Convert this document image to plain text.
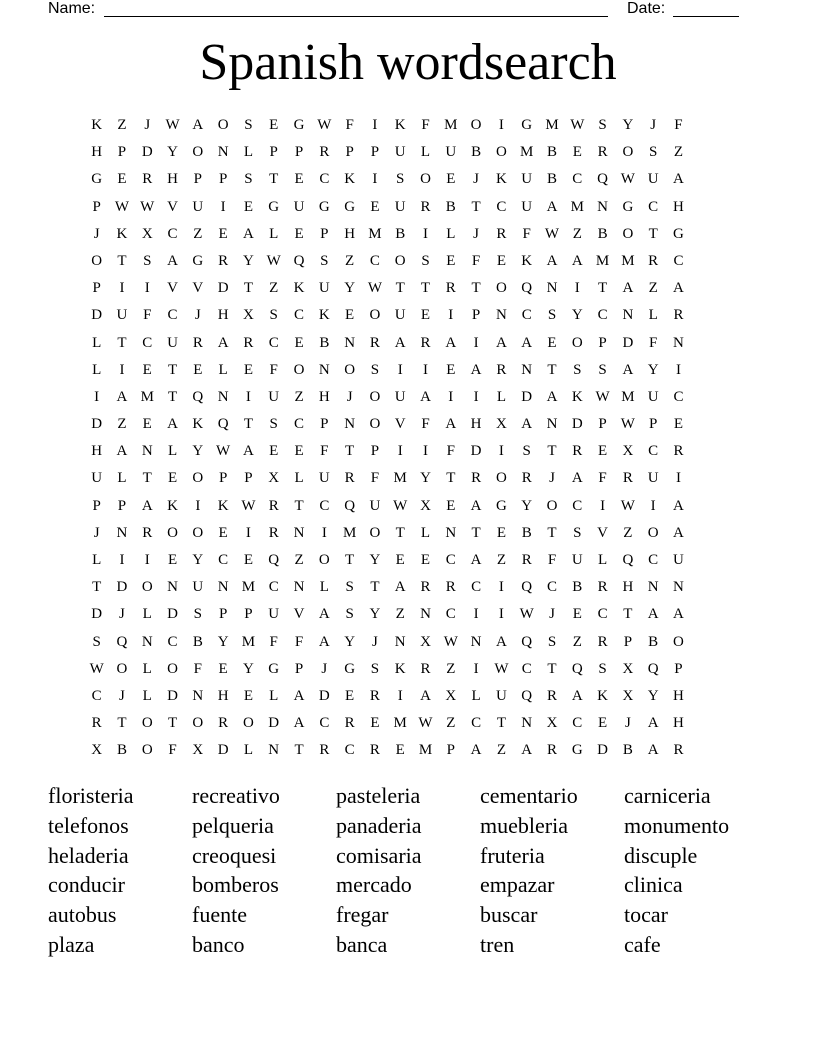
Name:	Date:
Spanish wordsearch
K Z J W A O S E G W F I K F M O I G M W S Y J F
H P D Y O N L P P R P P U L U B O M B E R O S Z
G E R H P P S T E C K I S O E J K U B C Q W U A
P W W V U I E G U G G E U R B T C U A M N G C H
J K X C Z E A L E P H M B I L J R F W Z B O T G
O T S A G R Y W Q S Z C O S E F E K A A M M R C
P I I V V D T Z K U Y W T T R T O Q N I T A Z A
D U F C J H X S C K E O U E I P N C S Y C N L R
L T C U R A R C E B N R A R A I A A E O P D F N
L I E T E L E F O N O S I I E A R N T S S A Y I
I A M T Q N I U Z H J O U A I I L D A K W M U C
D Z E A K Q T S C P N O V F A H X A N D P W P E
H A N L Y W A E E F T P I I F D I S T R E X C R
U L T E O P P X L U R F M Y T R O R J A F R U I
P P A K I K W R T C Q U W X E A G Y O C I W I A
J N R O O E I R N I M O T L N T E B T S V Z O A
L I I E Y C E Q Z O T Y E E C A Z R F U L Q C U
T D O N U N M C N L S T A R R C I Q C B R H N N
D J L D S P P U V A S Y Z N C I I W J E C T A A
S Q N C B Y M F F A Y J N X W N A Q S Z R P B O
W O L O F E Y G P J G S K R Z I W C T Q S X Q P
C J L D N H E L A D E R I A X L U Q R A K X Y H
R T O T O R O D A C R E M W Z C T N X C E J A H
X B O F X D L N T R C R E M P A Z A R G D B A R
floristeria	recreativo	pasteleria	cementario carniceria
telefonos	pelqueria	panaderia	muebleria	monumento
heladeria	creoquesi	comisaria	fruteria	discuple
conducir	bomberos	mercado	empazar	clinica
autobus	fuente	fregar	buscar	tocar
plaza	banco	banca	tren	cafe
